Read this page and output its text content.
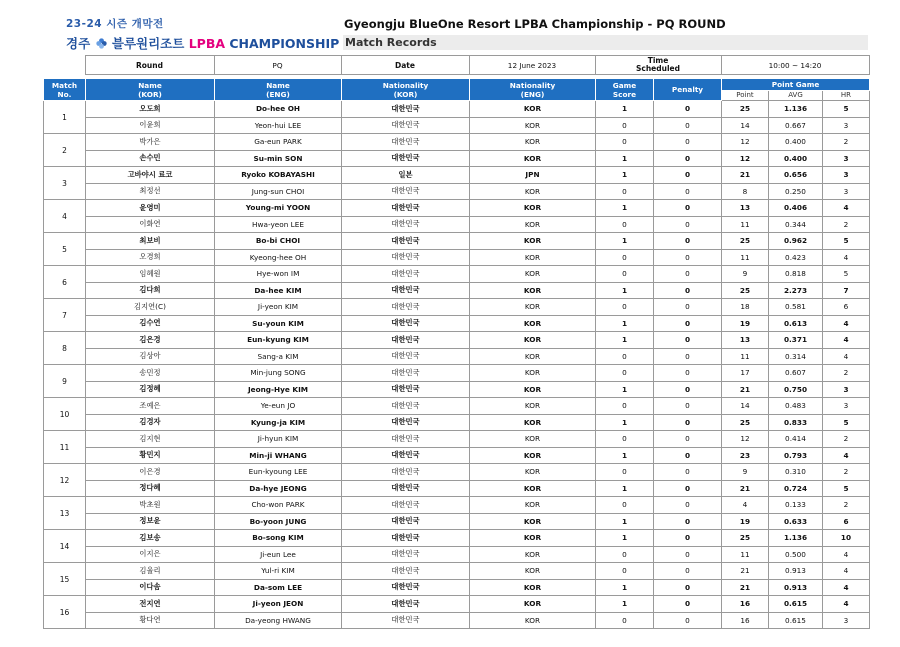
23-24 시즌 개막전
경주 블루원리조트 LPBA CHAMPIONSHIP
Gyeongju BlueOne Resort LPBA Championship - PQ ROUND
Match Records
	Round	PQ	Date	12 June 2023	Time
Scheduled	10:00 ~ 14:20
Match
No.	Name
(KOR)	Name
(ENG)	Nationality
(KOR)	Nationality
(ENG)	Game
Score	Penalty	Point Game		
							Point	AVG	HR
1	오도희	Do-hee OH	대한민국	KOR	1	0	25	1.136	5
	이윤희	Yeon-hui LEE	대한민국	KOR	0	0	14	0.667	3
2	박가은	Ga-eun PARK	대한민국	KOR	0	0	12	0.400	2
	손수민	Su-min SON	대한민국	KOR	1	0	12	0.400	3
3	고바야시 료코	Ryoko KOBAYASHI	일본	JPN	1	0	21	0.656	3
	최정선	Jung-sun CHOI	대한민국	KOR	0	0	8	0.250	3
4	윤영미	Young-mi YOON	대한민국	KOR	1	0	13	0.406	4
	이화연	Hwa-yeon LEE	대한민국	KOR	0	0	11	0.344	2
5	최보비	Bo-bi CHOI	대한민국	KOR	1	0	25	0.962	5
	오경희	Kyeong-hee OH	대한민국	KOR	0	0	11	0.423	4
6	임혜원	Hye-won IM	대한민국	KOR	0	0	9	0.818	5
	김다희	Da-hee KIM	대한민국	KOR	1	0	25	2.273	7
7	김지연(C)	Ji-yeon KIM	대한민국	KOR	0	0	18	0.581	6
	김수연	Su-youn KIM	대한민국	KOR	1	0	19	0.613	4
8	김은경	Eun-kyung KIM	대한민국	KOR	1	0	13	0.371	4
	김상아	Sang-a KIM	대한민국	KOR	0	0	11	0.314	4
9	송민정	Min-jung SONG	대한민국	KOR	0	0	17	0.607	2
	김정혜	Jeong-Hye KIM	대한민국	KOR	1	0	21	0.750	3
10	조예은	Ye-eun JO	대한민국	KOR	0	0	14	0.483	3
	김경자	Kyung-ja KIM	대한민국	KOR	1	0	25	0.833	5
11	김지현	Ji-hyun KIM	대한민국	KOR	0	0	12	0.414	2
	황민지	Min-ji WHANG	대한민국	KOR	1	0	23	0.793	4
12	이은경	Eun-kyoung LEE	대한민국	KOR	0	0	9	0.310	2
	정다혜	Da-hye JEONG	대한민국	KOR	1	0	21	0.724	5
13	박초원	Cho-won PARK	대한민국	KOR	0	0	4	0.133	2
	정보윤	Bo-yoon JUNG	대한민국	KOR	1	0	19	0.633	6
14	김보송	Bo-song KIM	대한민국	KOR	1	0	25	1.136	10
	이지은	Ji-eun Lee	대한민국	KOR	0	0	11	0.500	4
15	김율리	Yul-ri KIM	대한민국	KOR	0	0	21	0.913	4
	이다솜	Da-som LEE	대한민국	KOR	1	0	21	0.913	4
16	전지연	Ji-yeon JEON	대한민국	KOR	1	0	16	0.615	4
	황다연	Da-yeong HWANG	대한민국	KOR	0	0	16	0.615	3
